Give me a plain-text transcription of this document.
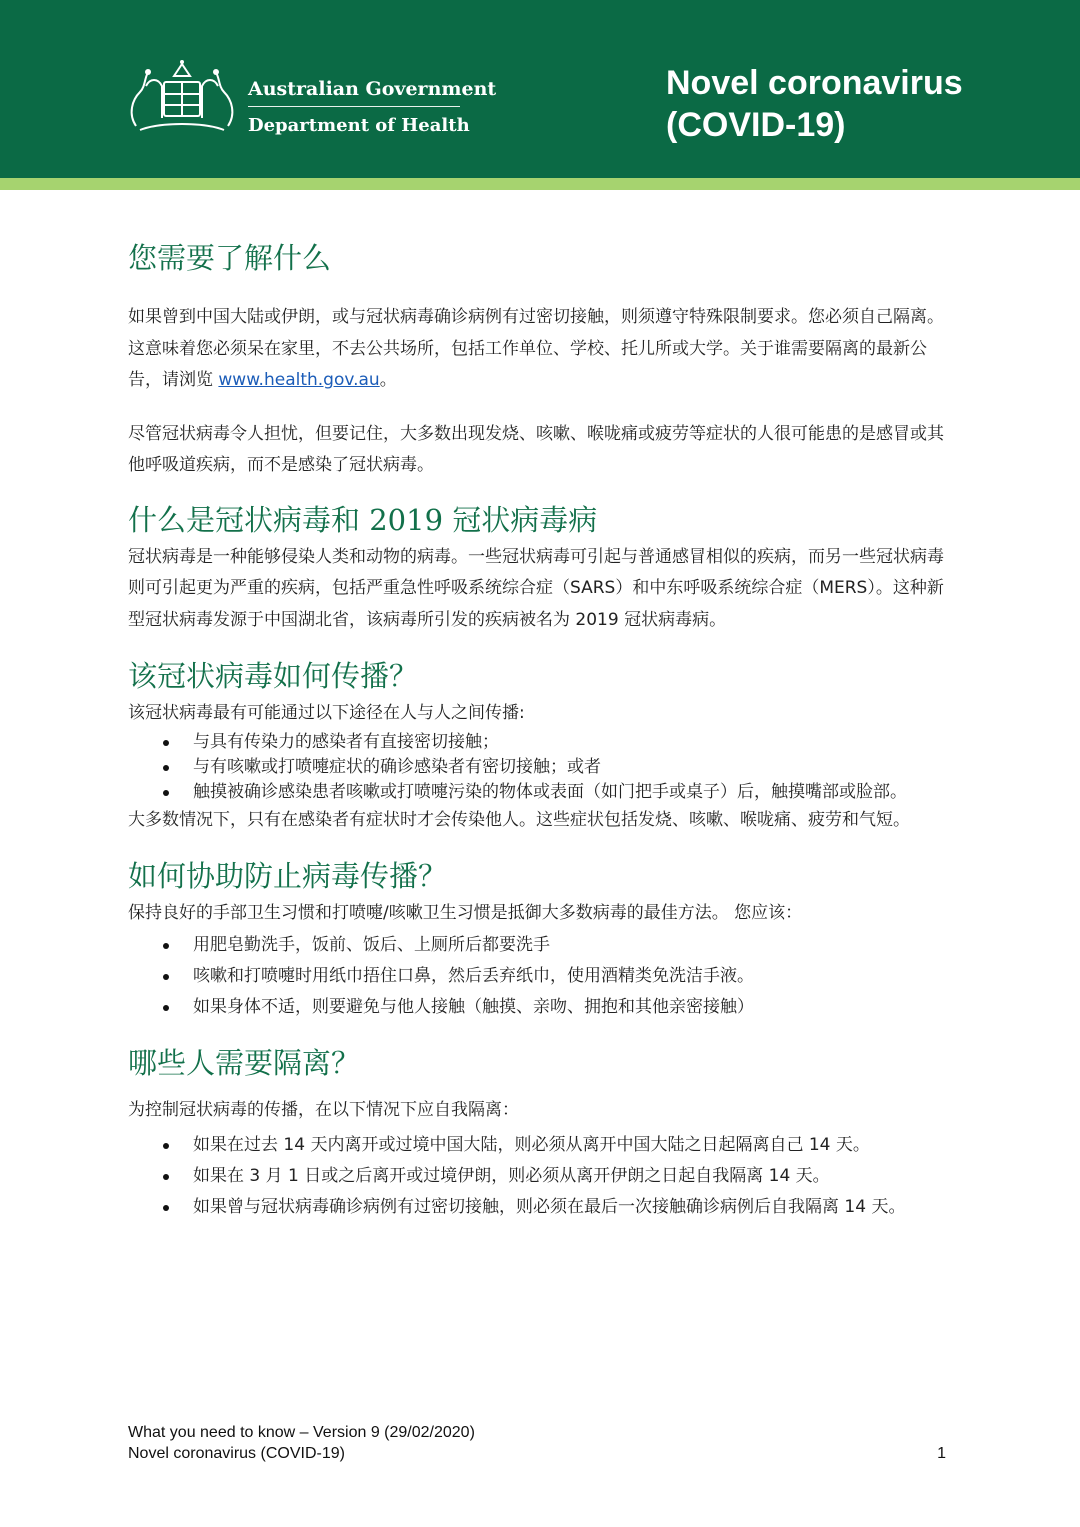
Australian Government
Department of Health
Novel coronavirus
(COVID-19)
您需要了解什么

如果曾到中国大陆或伊朗，或与冠状病毒确诊病例有过密切接触，则须遵守特殊限制要求。您必须自己隔离。这意味着您必须呆在家里，不去公共场所，包括工作单位、学校、托儿所或大学。关于谁需要隔离的最新公告，请浏览 www.health.gov.au。

尽管冠状病毒令人担忧，但要记住，大多数出现发烧、咳嗽、喉咙痛或疲劳等症状的人很可能患的是感冒或其他呼吸道疾病，而不是感染了冠状病毒。

什么是冠状病毒和 2019 冠状病毒病

冠状病毒是一种能够侵染人类和动物的病毒。一些冠状病毒可引起与普通感冒相似的疾病，而另一些冠状病毒则可引起更为严重的疾病，包括严重急性呼吸系统综合症（SARS）和中东呼吸系统综合症（MERS）。这种新型冠状病毒发源于中国湖北省，该病毒所引发的疾病被名为 2019 冠状病毒病。

该冠状病毒如何传播？

该冠状病毒最有可能通过以下途径在人与人之间传播:

与具有传染力的感染者有直接密切接触；
与有咳嗽或打喷嚏症状的确诊感染者有密切接触；或者
触摸被确诊感染患者咳嗽或打喷嚏污染的物体或表面（如门把手或桌子）后，触摸嘴部或脸部。

大多数情况下，只有在感染者有症状时才会传染他人。这些症状包括发烧、咳嗽、喉咙痛、疲劳和气短。

如何协助防止病毒传播？

保持良好的手部卫生习惯和打喷嚏/咳嗽卫生习惯是抵御大多数病毒的最佳方法。 您应该：

用肥皂勤洗手，饭前、饭后、上厕所后都要洗手
咳嗽和打喷嚏时用纸巾捂住口鼻，然后丢弃纸巾，使用酒精类免洗洁手液。
如果身体不适，则要避免与他人接触（触摸、亲吻、拥抱和其他亲密接触）
哪些人需要隔离？

为控制冠状病毒的传播，在以下情况下应自我隔离：

如果在过去 14 天内离开或过境中国大陆，则必须从离开中国大陆之日起隔离自己 14 天。
如果在 3 月 1 日或之后离开或过境伊朗，则必须从离开伊朗之日起自我隔离 14 天。
如果曾与冠状病毒确诊病例有过密切接触，则必须在最后一次接触确诊病例后自我隔离 14 天。
What you need to know – Version 9 (29/02/2020)
Novel coronavirus (COVID-19)	1
